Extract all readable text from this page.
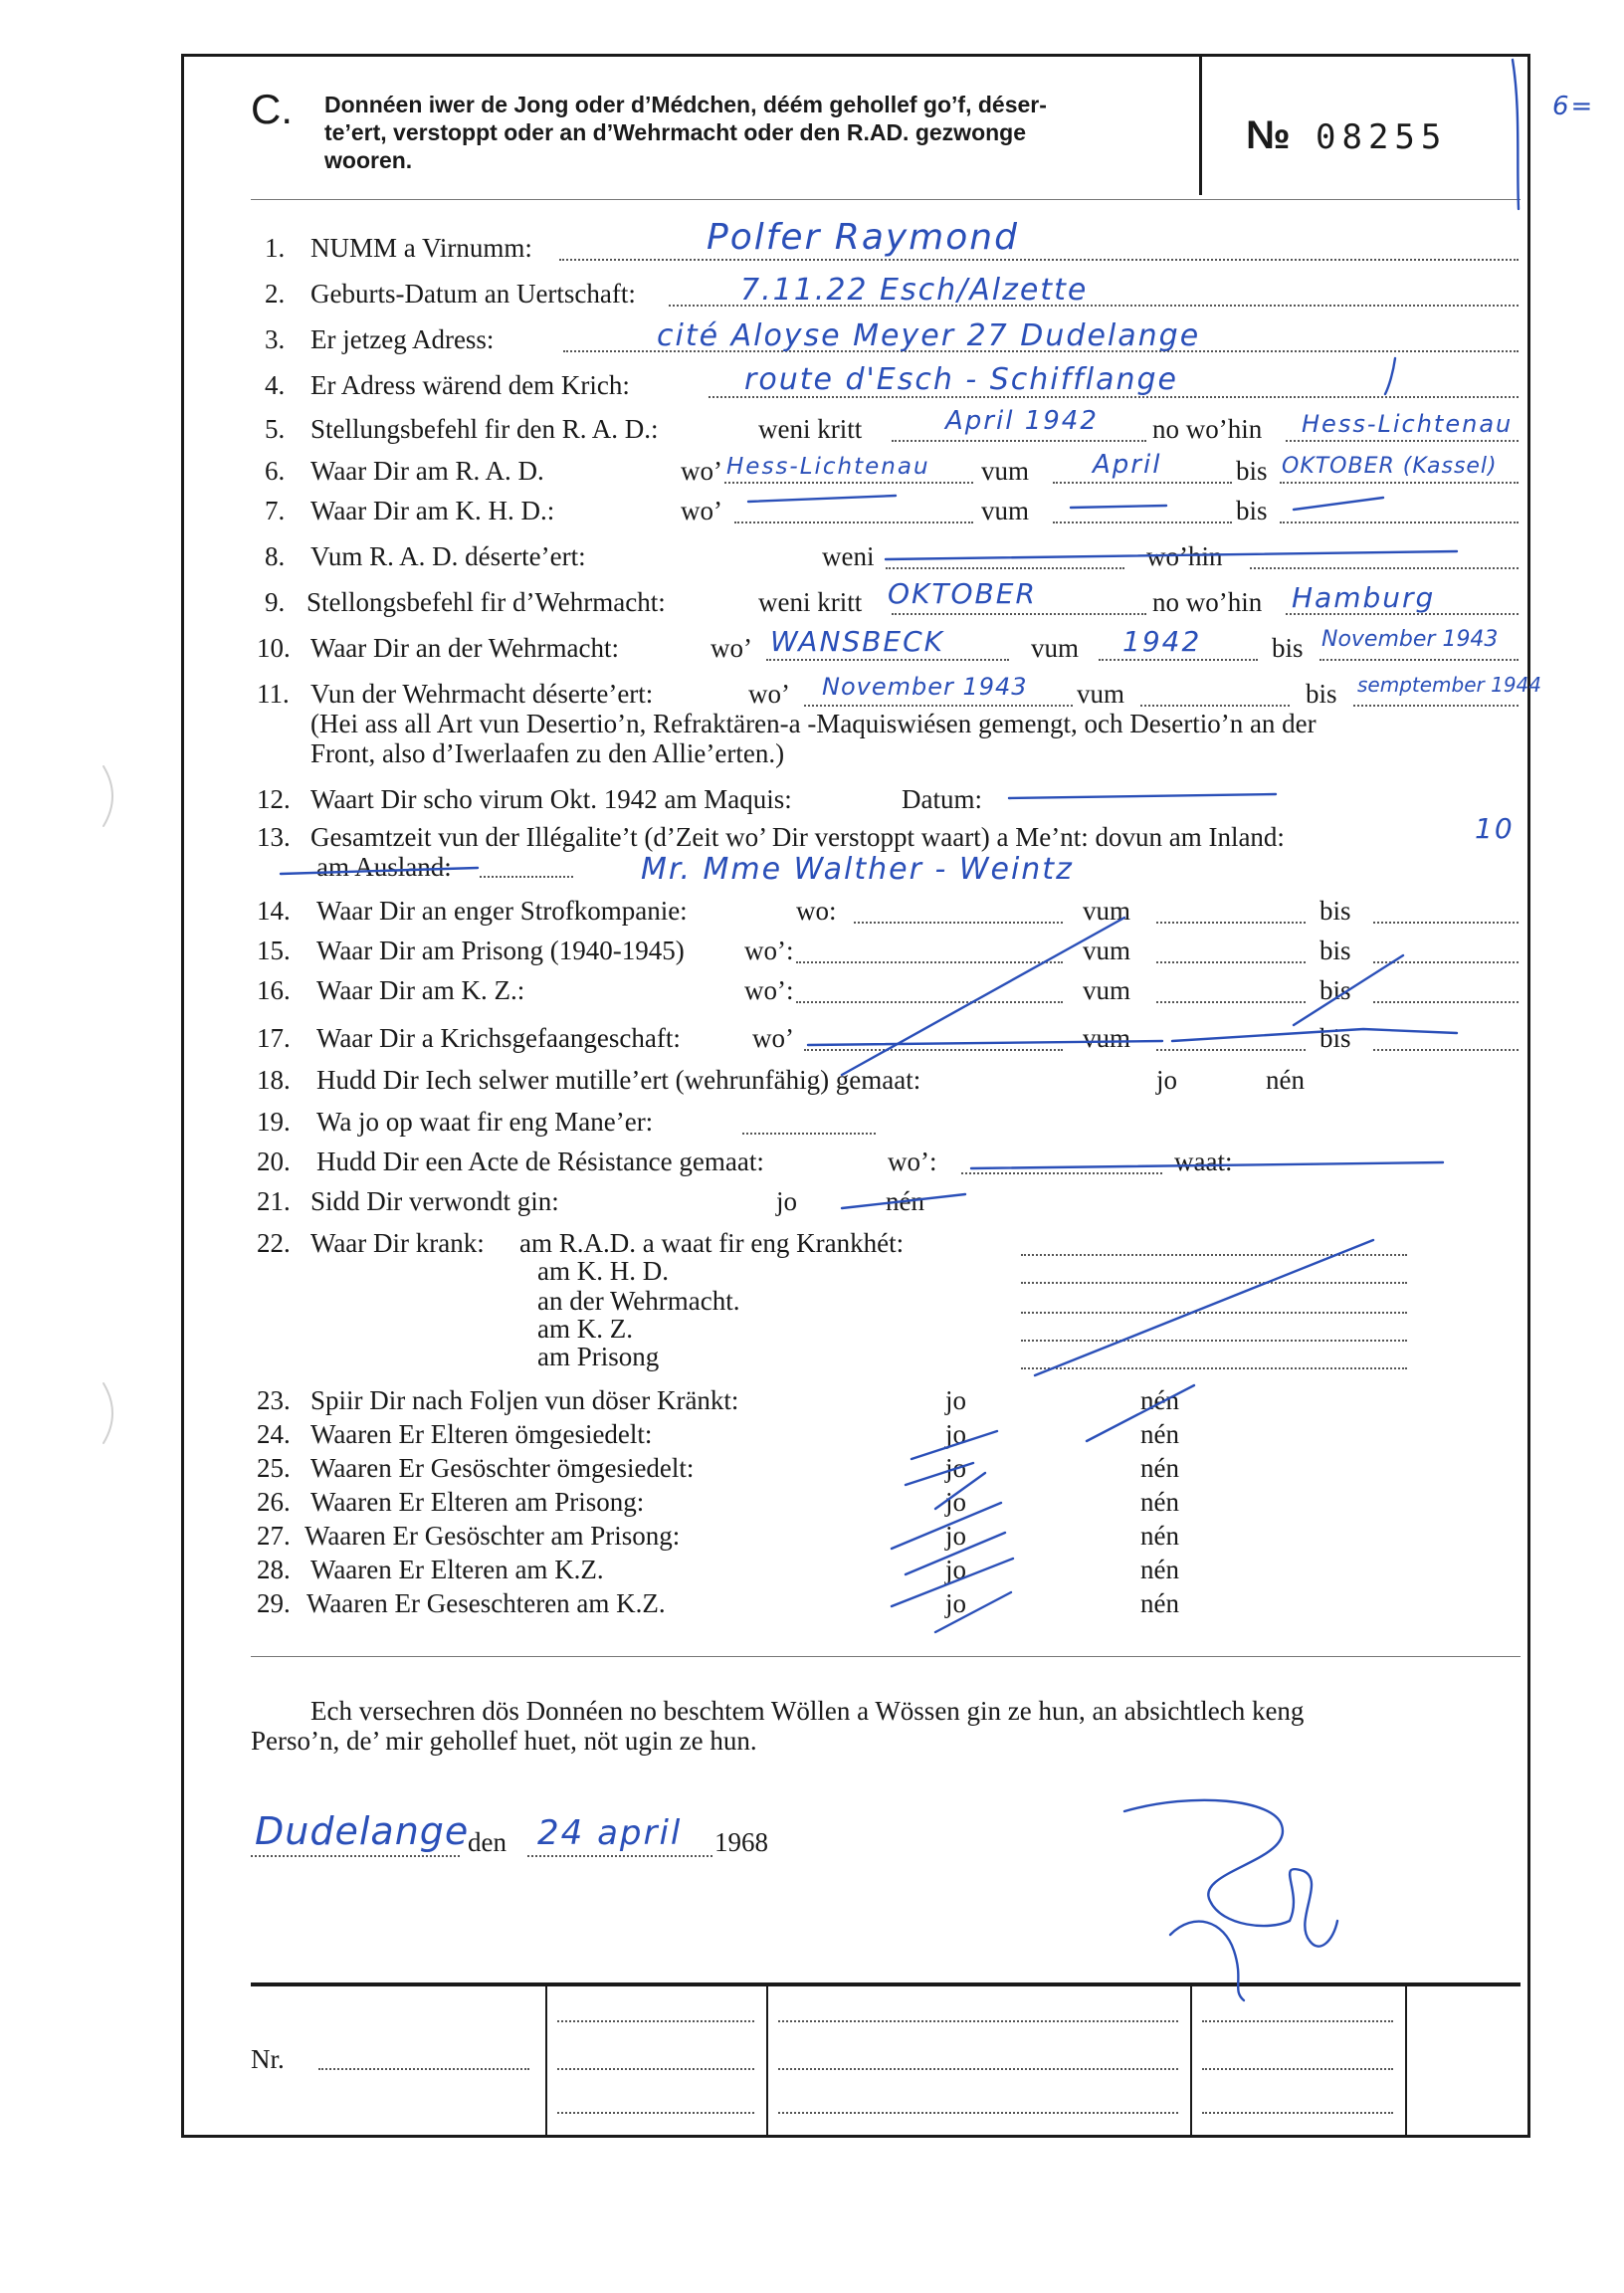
C. Donnéen iwer de Jong oder d’Médchen, déém gehollef go’f, déser-
te’ert, verstoppt oder an d’Wehrmacht oder den R.AD. gezwonge
wooren.
№ 08255
6=
1. NUMM a Virnumm:	Polfer Raymond
2. Geburts-Datum an Uertschaft:	7.11.22 Esch/Alzette
3. Er jetzeg Adress:	cité Aloyse Meyer 27 Dudelange
4. Er Adress wärend dem Krich:	route d'Esch - Schifflange
5. Stellungsbefehl fir den R. A. D.:	weni kritt	April 1942 no wo’hin Hess-Lichtenau
6. Waar Dir am R. A. D.	wo’ Hess-Lichtenau vum April	bis OKTOBER (Kassel)
7. Waar Dir am K. H. D.:	wo’	vum	bis
8. Vum R. A. D. déserte’ert:	weni	wo’hin
9. Stellongsbefehl fir d’Wehrmacht:	weni kritt OKTOBER	no wo’hin Hamburg
10. Waar Dir an der Wehrmacht:	wo’ WANSBECK	vum 1942	bis November 1943
11. Vun der Wehrmacht déserte’ert:	wo’ November 1943 vum	bis semptember 1944
(Hei ass all Art vun Desertio’n, Refraktären-a -Maquiswiésen gemengt, och Desertio’n an der
Front, also d’Iwerlaafen zu den Allie’erten.)
12. Waart Dir scho virum Okt. 1942 am Maquis:	Datum:
13. Gesamtzeit vun der Illégalite’t (d’Zeit wo’ Dir verstoppt waart) a Me’nt: dovun am Inland:	10
am Ausland:	Mr. Mme Walther - Weintz
14. Waar Dir an enger Strofkompanie:	wo:	vum	bis
15. Waar Dir am Prisong (1940-1945) wo’:	vum	bis
16. Waar Dir am K. Z.:	wo’:	vum	bis
17. Waar Dir a Krichsgefaangeschaft:	wo’	vum	bis
18. Hudd Dir Iech selwer mutille’ert (wehrunfähig) gemaat:	jo	nén
19. Wa jo op waat fir eng Mane’er:
20. Hudd Dir een Acte de Résistance gemaat:	wo’:	waat:
21. Sidd Dir verwondt gin:	jo	nén
22. Waar Dir krank: am R.A.D. a waat fir eng Krankhét:
am K. H. D.
an der Wehrmacht.
am K. Z.
am Prisong
23. Spiir Dir nach Foljen vun döser Kränkt:	jo	nén
24. Waaren Er Elteren ömgesiedelt:	jo	nén
25. Waaren Er Gesöschter ömgesiedelt:	jo	nén
26. Waaren Er Elteren am Prisong:	jo	nén
27. Waaren Er Gesöschter am Prisong:	jo	nén
28. Waaren Er Elteren am K.Z.	jo	nén
29. Waaren Er Geseschteren am K.Z.	jo	nén
Ech versechren dös Donnéen no beschtem Wöllen a Wössen gin ze hun, an absichtlech keng
Perso’n, de’ mir gehollef huet, nöt ugin ze hun.
Dudelange
den 24 april 1968
Nr.
